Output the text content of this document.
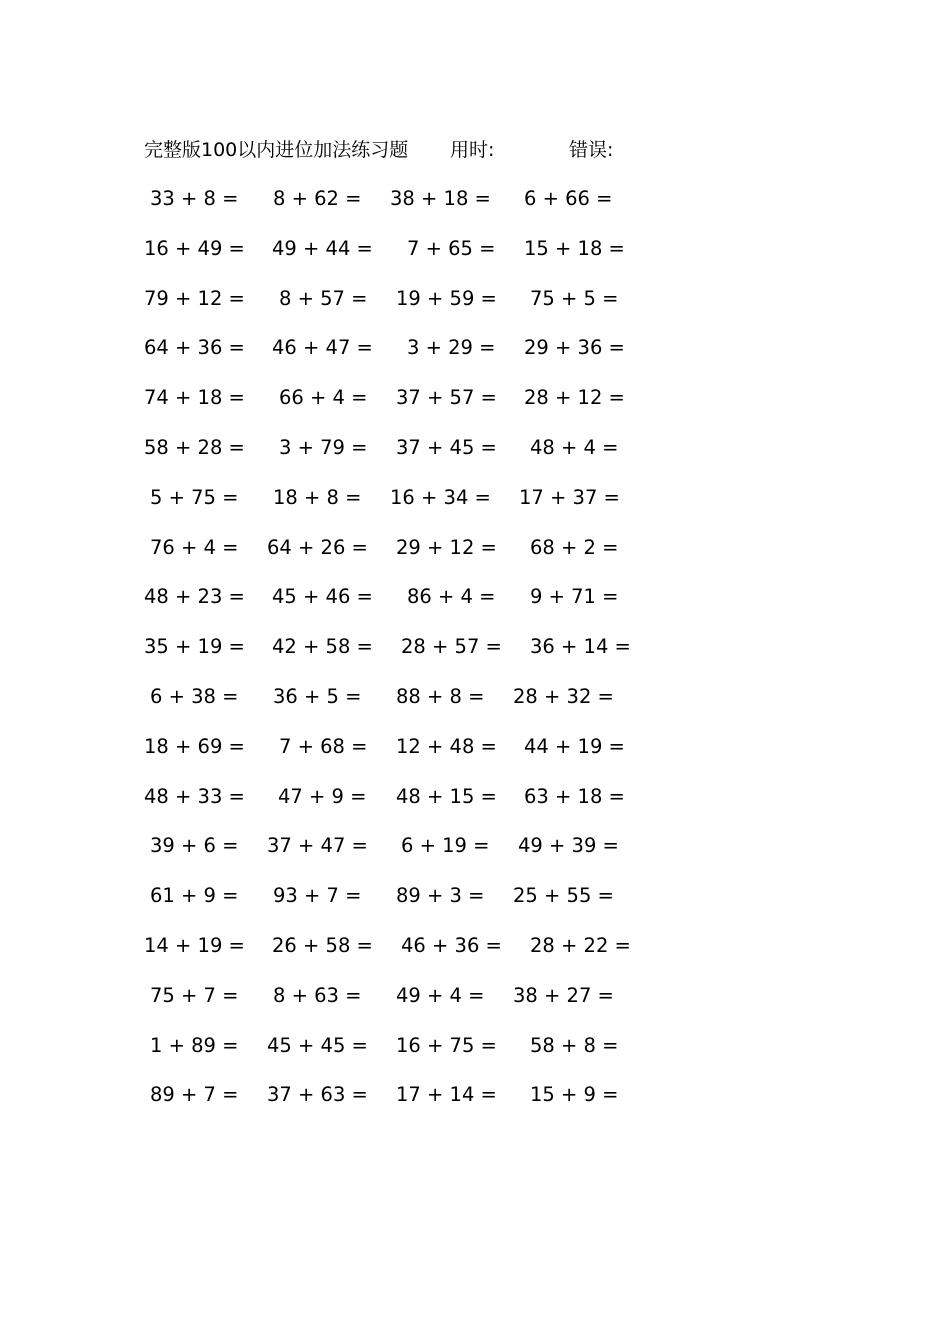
完整版100以内进位加法练习题 用时:	错误:
33 + 8 = 8 + 62 = 38 + 18 = 6 + 66 =
16 + 49 = 49 + 44 = 7 + 65 = 15 + 18 =
79 + 12 = 8 + 57 = 19 + 59 = 75 + 5 =
64 + 36 = 46 + 47 = 3 + 29 = 29 + 36 =
74 + 18 = 66 + 4 = 37 + 57 = 28 + 12 =
58 + 28 = 3 + 79 = 37 + 45 = 48 + 4 =
5 + 75 = 18 + 8 = 16 + 34 = 17 + 37 =
76 + 4 = 64 + 26 = 29 + 12 = 68 + 2 =
48 + 23 = 45 + 46 = 86 + 4 = 9 + 71 =
35 + 19 = 42 + 58 = 28 + 57 = 36 + 14 =
6 + 38 = 36 + 5 = 88 + 8 = 28 + 32 =
18 + 69 = 7 + 68 = 12 + 48 = 44 + 19 =
48 + 33 = 47 + 9 = 48 + 15 = 63 + 18 =
39 + 6 = 37 + 47 = 6 + 19 = 49 + 39 =
61 + 9 = 93 + 7 = 89 + 3 = 25 + 55 =
14 + 19 = 26 + 58 = 46 + 36 = 28 + 22 =
75 + 7 = 8 + 63 = 49 + 4 = 38 + 27 =
1 + 89 = 45 + 45 = 16 + 75 = 58 + 8 =
89 + 7 = 37 + 63 = 17 + 14 = 15 + 9 =
